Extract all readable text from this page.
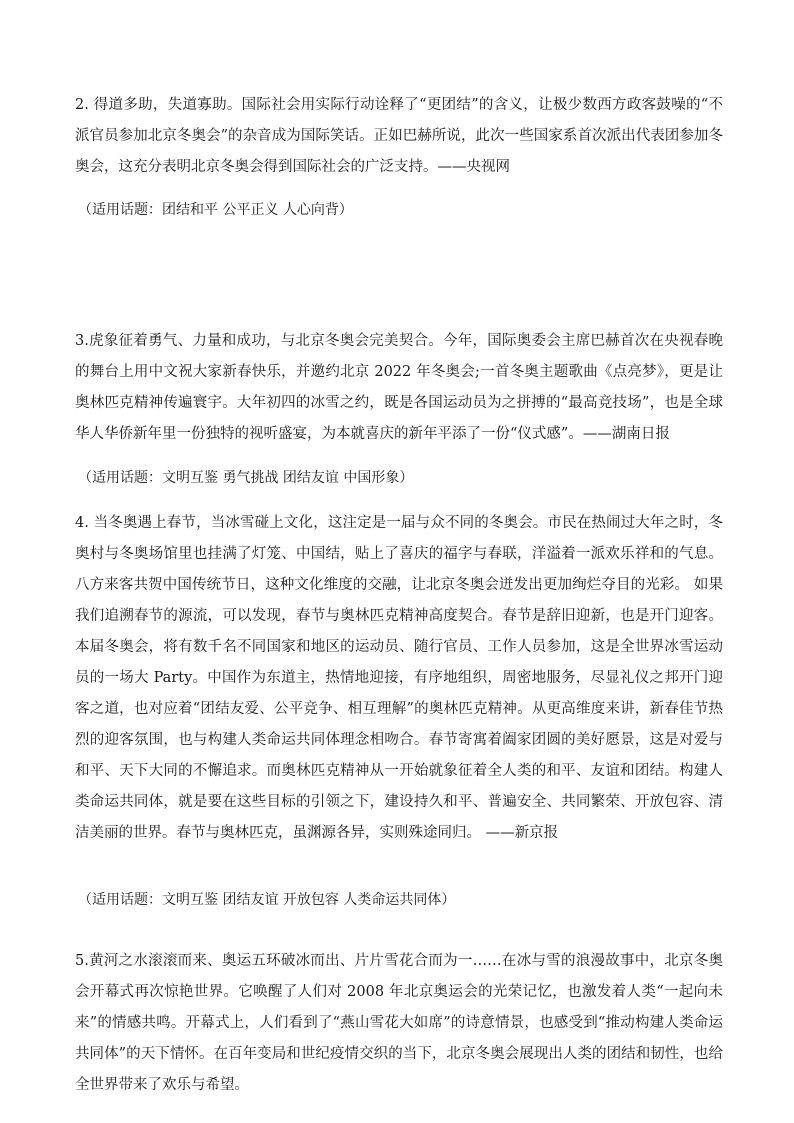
2. 得道多助，失道寡助。国际社会用实际行动诠释了“更团结”的含义，让极少数西方政客鼓噪的“不派官员参加北京冬奥会”的杂音成为国际笑话。正如巴赫所说，此次一些国家系首次派出代表团参加冬奥会，这充分表明北京冬奥会得到国际社会的广泛支持。——央视网

（适用话题：团结和平 公平正义 人心向背）

3.虎象征着勇气、力量和成功，与北京冬奥会完美契合。今年，国际奥委会主席巴赫首次在央视春晚的舞台上用中文祝大家新春快乐，并邀约北京 2022 年冬奥会;一首冬奥主题歌曲《点亮梦》，更是让奥林匹克精神传遍寰宇。大年初四的冰雪之约，既是各国运动员为之拼搏的“最高竞技场”，也是全球华人华侨新年里一份独特的视听盛宴，为本就喜庆的新年平添了一份“仪式感”。——湖南日报

（适用话题：文明互鉴 勇气挑战 团结友谊 中国形象）

4. 当冬奥遇上春节，当冰雪碰上文化，这注定是一届与众不同的冬奥会。市民在热闹过大年之时，冬奥村与冬奥场馆里也挂满了灯笼、中国结，贴上了喜庆的福字与春联，洋溢着一派欢乐祥和的气息。八方来客共贺中国传统节日，这种文化维度的交融，让北京冬奥会迸发出更加绚烂夺目的光彩。 如果我们追溯春节的源流，可以发现，春节与奥林匹克精神高度契合。春节是辞旧迎新，也是开门迎客。本届冬奥会，将有数千名不同国家和地区的运动员、随行官员、工作人员参加，这是全世界冰雪运动员的一场大 Party。中国作为东道主，热情地迎接，有序地组织，周密地服务，尽显礼仪之邦开门迎客之道，也对应着“团结友爱、公平竞争、相互理解”的奥林匹克精神。从更高维度来讲，新春佳节热烈的迎客氛围，也与构建人类命运共同体理念相吻合。春节寄寓着阖家团圆的美好愿景，这是对爱与和平、天下大同的不懈追求。而奥林匹克精神从一开始就象征着全人类的和平、友谊和团结。构建人类命运共同体，就是要在这些目标的引领之下，建设持久和平、普遍安全、共同繁荣、开放包容、清洁美丽的世界。春节与奥林匹克，虽渊源各异，实则殊途同归。 ——新京报

（适用话题：文明互鉴 团结友谊 开放包容 人类命运共同体）

5.黄河之水滚滚而来、奥运五环破冰而出、片片雪花合而为一……在冰与雪的浪漫故事中，北京冬奥会开幕式再次惊艳世界。它唤醒了人们对 2008 年北京奥运会的光荣记忆，也激发着人类“一起向未来”的情感共鸣。开幕式上，人们看到了“燕山雪花大如席”的诗意情景，也感受到“推动构建人类命运共同体”的天下情怀。在百年变局和世纪疫情交织的当下，北京冬奥会展现出人类的团结和韧性，也给全世界带来了欢乐与希望。
